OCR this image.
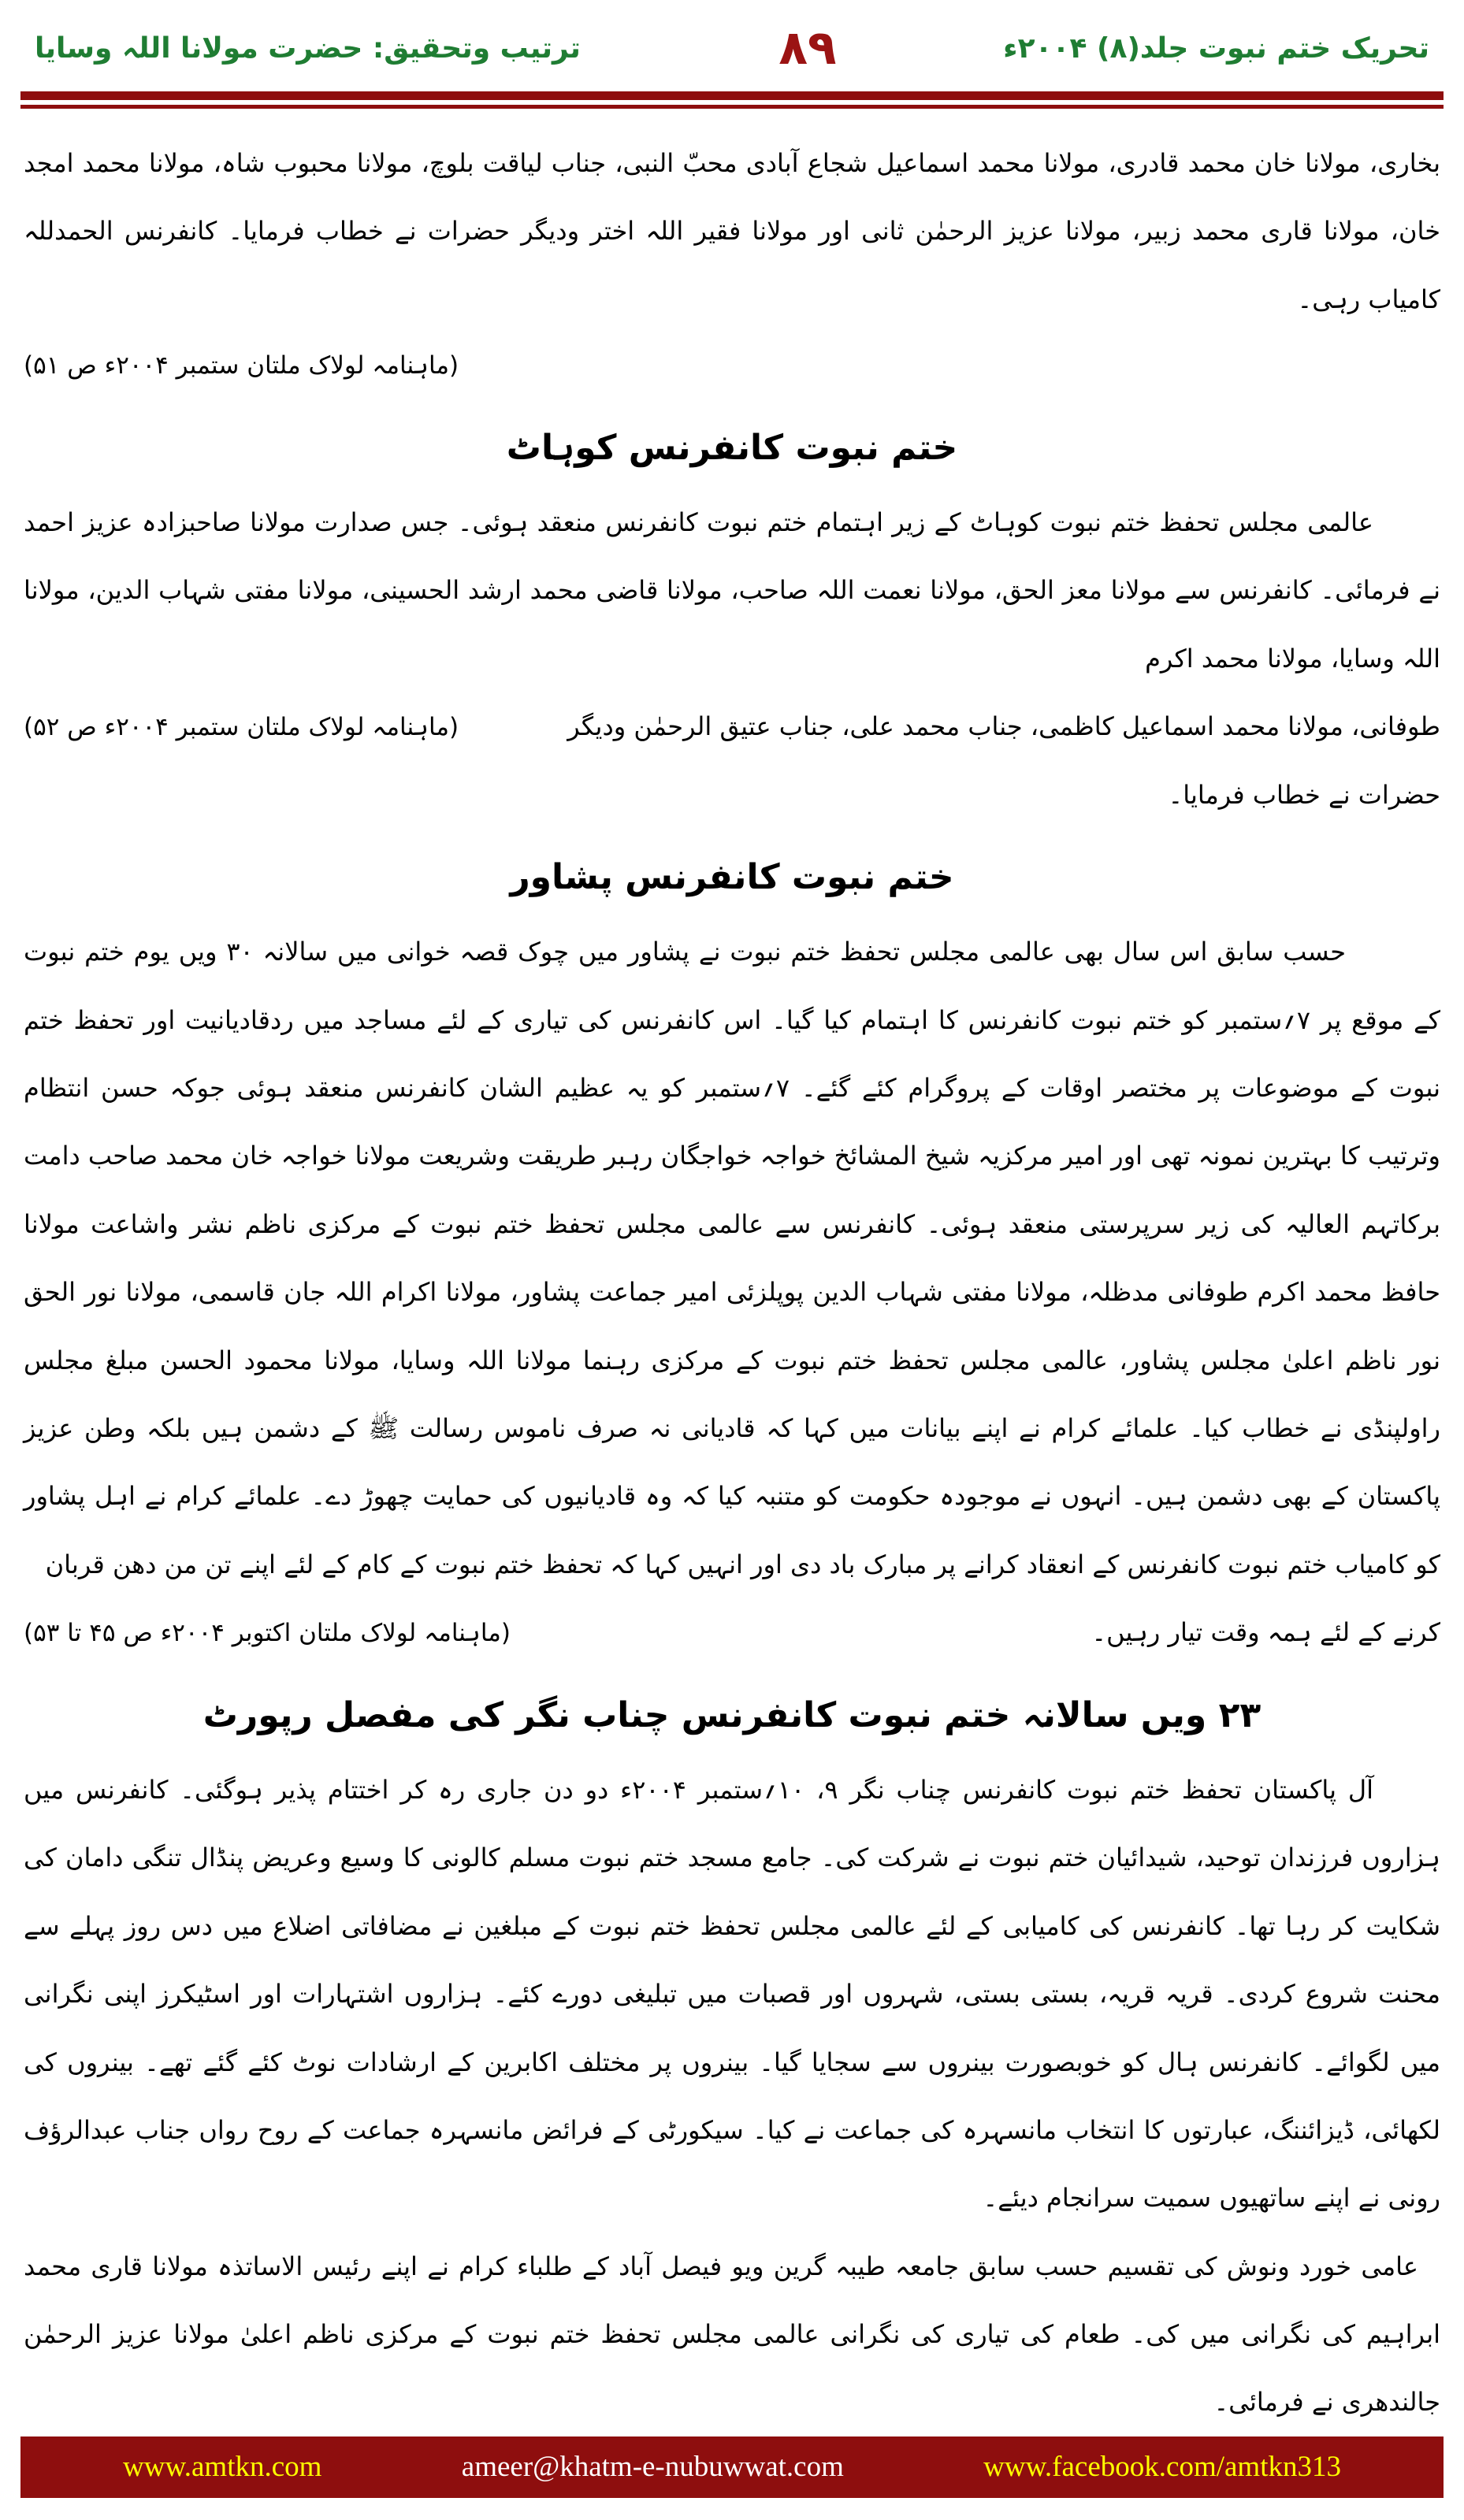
تحریک ختم نبوت جلد(۸) ۲۰۰۴ء
۸۹
ترتیب وتحقیق: حضرت مولانا اللہ وسایا

بخاری، مولانا خان محمد قادری، مولانا محمد اسماعیل شجاع آبادی محبّ النبی، جناب لیاقت بلوچ، مولانا محبوب شاہ، مولانا محمد امجد خان، مولانا قاری محمد زبیر، مولانا عزیز الرحمٰن ثانی اور مولانا فقیر اللہ اختر ودیگر حضرات نے خطاب فرمایا۔ کانفرنس الحمدللہ کامیاب رہی۔

(ماہنامہ لولاک ملتان ستمبر ۲۰۰۴ء ص ۵۱)
ختم نبوت کانفرنس کوہاٹ

عالمی مجلس تحفظ ختم نبوت کوہاٹ کے زیر اہتمام ختم نبوت کانفرنس منعقد ہوئی۔ جس صدارت مولانا صاحبزادہ عزیز احمد نے فرمائی۔ کانفرنس سے مولانا معز الحق، مولانا نعمت اللہ صاحب، مولانا قاضی محمد ارشد الحسینی، مولانا مفتی شہاب الدین، مولانا اللہ وسایا، مولانا محمد اکرم

طوفانی، مولانا محمد اسماعیل کاظمی، جناب محمد علی، جناب عتیق الرحمٰن ودیگر حضرات نے خطاب فرمایا۔
(ماہنامہ لولاک ملتان ستمبر ۲۰۰۴ء ص ۵۲)
ختم نبوت کانفرنس پشاور

حسب سابق اس سال بھی عالمی مجلس تحفظ ختم نبوت نے پشاور میں چوک قصہ خوانی میں سالانہ ۳۰ ویں یوم ختم نبوت کے موقع پر ۷؍ستمبر کو ختم نبوت کانفرنس کا اہتمام کیا گیا۔ اس کانفرنس کی تیاری کے لئے مساجد میں ردقادیانیت اور تحفظ ختم نبوت کے موضوعات پر مختصر اوقات کے پروگرام کئے گئے۔ ۷؍ستمبر کو یہ عظیم الشان کانفرنس منعقد ہوئی جوکہ حسن انتظام وترتیب کا بہترین نمونہ تھی اور امیر مرکزیہ شیخ المشائخ خواجہ خواجگان رہبر طریقت وشریعت مولانا خواجہ خان محمد صاحب دامت برکاتہم العالیہ کی زیر سرپرستی منعقد ہوئی۔ کانفرنس سے عالمی مجلس تحفظ ختم نبوت کے مرکزی ناظم نشر واشاعت مولانا حافظ محمد اکرم طوفانی مدظلہ، مولانا مفتی شہاب الدین پوپلزئی امیر جماعت پشاور، مولانا اکرام اللہ جان قاسمی، مولانا نور الحق نور ناظم اعلیٰ مجلس پشاور، عالمی مجلس تحفظ ختم نبوت کے مرکزی رہنما مولانا اللہ وسایا، مولانا محمود الحسن مبلغ مجلس راولپنڈی نے خطاب کیا۔ علمائے کرام نے اپنے بیانات میں کہا کہ قادیانی نہ صرف ناموس رسالت ﷺ کے دشمن ہیں بلکہ وطن عزیز پاکستان کے بھی دشمن ہیں۔ انہوں نے موجودہ حکومت کو متنبہ کیا کہ وہ قادیانیوں کی حمایت چھوڑ دے۔ علمائے کرام نے اہل پشاور کو کامیاب ختم نبوت کانفرنس کے انعقاد کرانے پر مبارک باد دی اور انہیں کہا کہ تحفظ ختم نبوت کے کام کے لئے اپنے تن من دھن قربان

کرنے کے لئے ہمہ وقت تیار رہیں۔
(ماہنامہ لولاک ملتان اکتوبر ۲۰۰۴ء ص ۴۵ تا ۵۳)
۲۳ ویں سالانہ ختم نبوت کانفرنس چناب نگر کی مفصل رپورٹ

آل پاکستان تحفظ ختم نبوت کانفرنس چناب نگر ۹، ۱۰؍ستمبر ۲۰۰۴ء دو دن جاری رہ کر اختتام پذیر ہوگئی۔ کانفرنس میں ہزاروں فرزندان توحید، شیدائیان ختم نبوت نے شرکت کی۔ جامع مسجد ختم نبوت مسلم کالونی کا وسیع وعریض پنڈال تنگی دامان کی شکایت کر رہا تھا۔ کانفرنس کی کامیابی کے لئے عالمی مجلس تحفظ ختم نبوت کے مبلغین نے مضافاتی اضلاع میں دس روز پہلے سے محنت شروع کردی۔ قریہ قریہ، بستی بستی، شہروں اور قصبات میں تبلیغی دورے کئے۔ ہزاروں اشتہارات اور اسٹیکرز اپنی نگرانی میں لگوائے۔ کانفرنس ہال کو خوبصورت بینروں سے سجایا گیا۔ بینروں پر مختلف اکابرین کے ارشادات نوٹ کئے گئے تھے۔ بینروں کی لکھائی، ڈیزائننگ، عبارتوں کا انتخاب مانسہرہ کی جماعت نے کیا۔ سیکورٹی کے فرائض مانسہرہ جماعت کے روح رواں جناب عبدالرؤف رونی نے اپنے ساتھیوں سمیت سرانجام دیئے۔

عامی خورد ونوش کی تقسیم حسب سابق جامعہ طیبہ گرین ویو فیصل آباد کے طلباء کرام نے اپنے رئیس الاساتذہ مولانا قاری محمد ابراہیم کی نگرانی میں کی۔ طعام کی تیاری کی نگرانی عالمی مجلس تحفظ ختم نبوت کے مرکزی ناظم اعلیٰ مولانا عزیز الرحمٰن جالندھری نے فرمائی۔

www.amtkn.com	ameer@khatm-e-nubuwwat.com	www.facebook.com/amtkn313
